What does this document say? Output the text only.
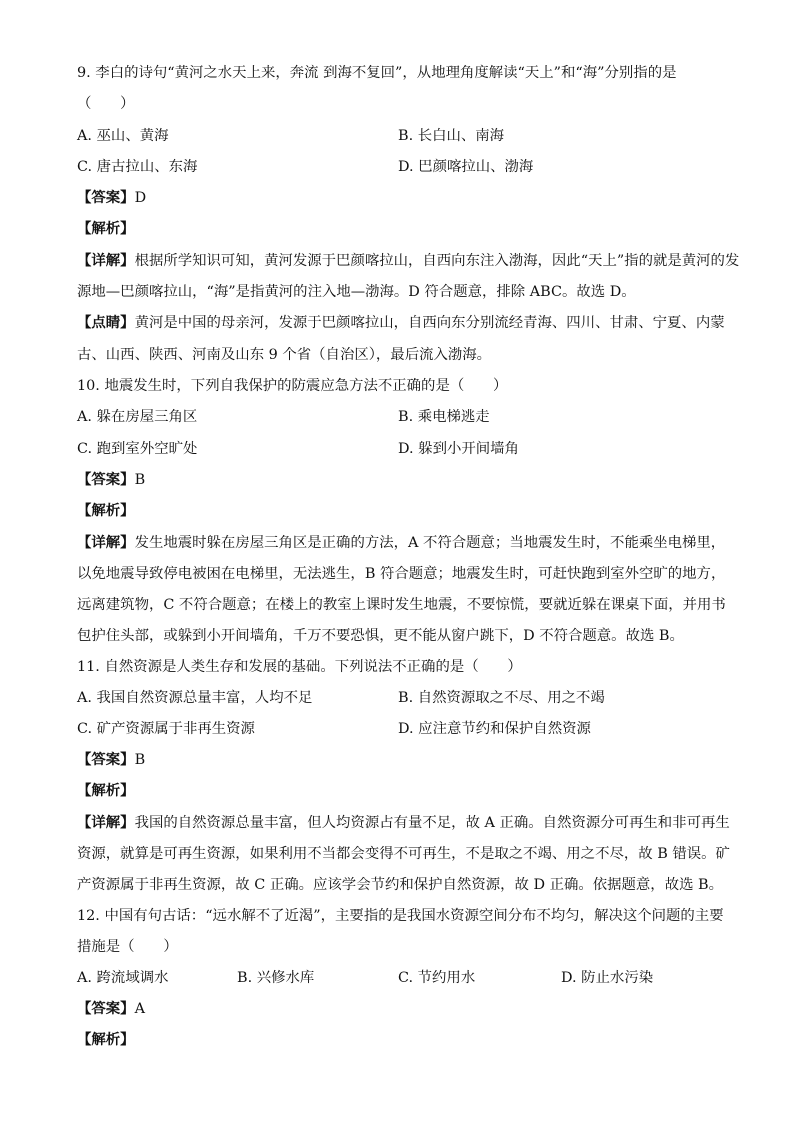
9. 李白的诗句“黄河之水天上来，奔流 到海不复回”，从地理角度解读“天上”和“海”分别指的是
（　　）
A. 巫山、黄海	B. 长白山、南海
C. 唐古拉山、东海	D. 巴颜喀拉山、渤海
【答案】D
【解析】
【详解】根据所学知识可知，黄河发源于巴颜喀拉山，自西向东注入渤海，因此“天上”指的就是黄河的发
源地—巴颜喀拉山，“海”是指黄河的注入地—渤海。D 符合题意，排除 ABC。故选 D。
【点睛】黄河是中国的母亲河，发源于巴颜喀拉山，自西向东分别流经青海、四川、甘肃、宁夏、内蒙
古、山西、陕西、河南及山东 9 个省（自治区），最后流入渤海。
10. 地震发生时，下列自我保护的防震应急方法不正确的是（　　）
A. 躲在房屋三角区	B. 乘电梯逃走
C. 跑到室外空旷处	D. 躲到小开间墙角
【答案】B
【解析】
【详解】发生地震时躲在房屋三角区是正确的方法，A 不符合题意；当地震发生时，不能乘坐电梯里，
以免地震导致停电被困在电梯里，无法逃生，B 符合题意；地震发生时，可赶快跑到室外空旷的地方，
远离建筑物，C 不符合题意；在楼上的教室上课时发生地震，不要惊慌，要就近躲在课桌下面，并用书
包护住头部，或躲到小开间墙角，千万不要恐惧，更不能从窗户跳下，D 不符合题意。故选 B。
11. 自然资源是人类生存和发展的基础。下列说法不正确的是（　　）
A. 我国自然资源总量丰富，人均不足	B. 自然资源取之不尽、用之不竭
C. 矿产资源属于非再生资源	D. 应注意节约和保护自然资源
【答案】B
【解析】
【详解】我国的自然资源总量丰富，但人均资源占有量不足，故 A 正确。自然资源分可再生和非可再生
资源，就算是可再生资源，如果利用不当都会变得不可再生，不是取之不竭、用之不尽，故 B 错误。矿
产资源属于非再生资源，故 C 正确。应该学会节约和保护自然资源，故 D 正确。依据题意，故选 B。
12. 中国有句古话：“远水解不了近渴”，主要指的是我国水资源空间分布不均匀，解决这个问题的主要
措施是（　　）
A. 跨流域调水	B. 兴修水库	C. 节约用水	D. 防止水污染
【答案】A
【解析】
